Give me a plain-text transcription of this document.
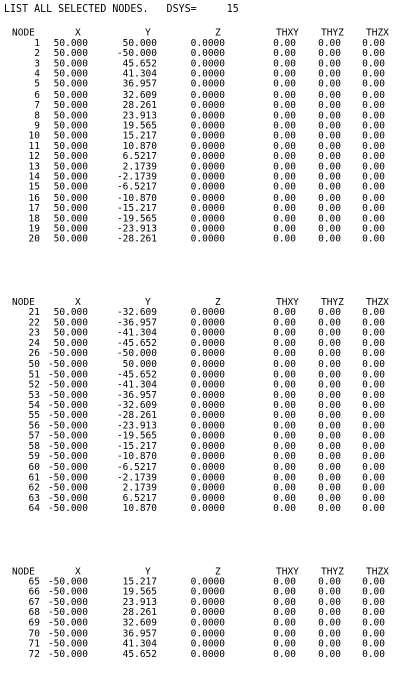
LIST ALL SELECTED NODES.   DSYS=     15
NODE	X	Y	Z	THXY	THYZ	THZX
1	50.000	50.000	0.0000	0.00 0.00 0.00
2	50.000	-50.000	0.0000	0.00 0.00 0.00
3	50.000	45.652	0.0000	0.00 0.00 0.00
4	50.000	41.304	0.0000	0.00 0.00 0.00
5	50.000	36.957	0.0000	0.00 0.00 0.00
6	50.000	32.609	0.0000	0.00 0.00 0.00
7	50.000	28.261	0.0000	0.00 0.00 0.00
8	50.000	23.913	0.0000	0.00 0.00 0.00
9	50.000	19.565	0.0000	0.00 0.00 0.00
10	50.000	15.217	0.0000	0.00 0.00 0.00
11	50.000	10.870	0.0000	0.00 0.00 0.00
12	50.000	6.5217	0.0000	0.00 0.00 0.00
13	50.000	2.1739	0.0000	0.00 0.00 0.00
14	50.000	-2.1739	0.0000	0.00 0.00 0.00
15	50.000	-6.5217	0.0000	0.00 0.00 0.00
16	50.000	-10.870	0.0000	0.00 0.00 0.00
17	50.000	-15.217	0.0000	0.00 0.00 0.00
18	50.000	-19.565	0.0000	0.00 0.00 0.00
19	50.000	-23.913	0.0000	0.00 0.00 0.00
20	50.000	-28.261	0.0000	0.00 0.00 0.00
NODE	X	Y	Z	THXY	THYZ	THZX
21	50.000	-32.609	0.0000	0.00 0.00 0.00
22	50.000	-36.957	0.0000	0.00 0.00 0.00
23	50.000	-41.304	0.0000	0.00 0.00 0.00
24	50.000	-45.652	0.0000	0.00 0.00 0.00
26 -50.000	-50.000	0.0000	0.00 0.00 0.00
50 -50.000	50.000	0.0000	0.00 0.00 0.00
51 -50.000	-45.652	0.0000	0.00 0.00 0.00
52 -50.000	-41.304	0.0000	0.00 0.00 0.00
53 -50.000	-36.957	0.0000	0.00 0.00 0.00
54 -50.000	-32.609	0.0000	0.00 0.00 0.00
55 -50.000	-28.261	0.0000	0.00 0.00 0.00
56 -50.000	-23.913	0.0000	0.00 0.00 0.00
57 -50.000	-19.565	0.0000	0.00 0.00 0.00
58 -50.000	-15.217	0.0000	0.00 0.00 0.00
59 -50.000	-10.870	0.0000	0.00 0.00 0.00
60 -50.000	-6.5217	0.0000	0.00 0.00 0.00
61 -50.000	-2.1739	0.0000	0.00 0.00 0.00
62 -50.000	2.1739	0.0000	0.00 0.00 0.00
63 -50.000	6.5217	0.0000	0.00 0.00 0.00
64 -50.000	10.870	0.0000	0.00 0.00 0.00
NODE	X	Y	Z	THXY	THYZ	THZX
65 -50.000	15.217	0.0000	0.00 0.00 0.00
66 -50.000	19.565	0.0000	0.00 0.00 0.00
67 -50.000	23.913	0.0000	0.00 0.00 0.00
68 -50.000	28.261	0.0000	0.00 0.00 0.00
69 -50.000	32.609	0.0000	0.00 0.00 0.00
70 -50.000	36.957	0.0000	0.00 0.00 0.00
71 -50.000	41.304	0.0000	0.00 0.00 0.00
72 -50.000	45.652	0.0000	0.00 0.00 0.00
